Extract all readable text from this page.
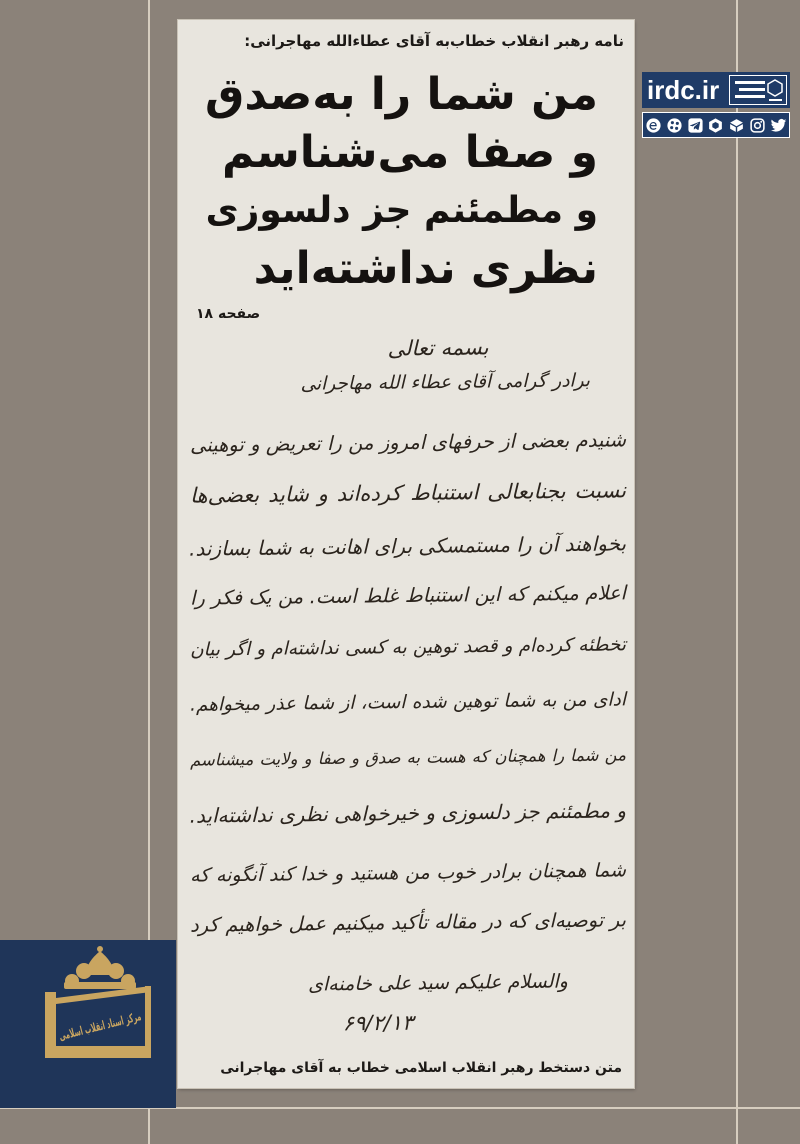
نامه رهبر انقلاب خطاب‌به آقای عطاءالله مهاجرانی:
من شما را به‌صدق
و صفا می‌شناسم
و مطمئنم جز دلسوزی
نظری نداشته‌اید
صفحه ۱۸
بسمه تعالی
برادر گرامی آقای عطاء الله مهاجرانی
شنیدم بعضی از حرفهای امروز من را تعریض و توهینی
نسبت بجنابعالی استنباط کرده‌اند و شاید بعضی‌ها
بخواهند آن را مستمسکی برای اهانت به شما بسازند.
اعلام میکنم که این استنباط غلط است. من یک فکر را
تخطئه کرده‌ام و قصد توهین به کسی نداشته‌ام و اگر بیان
ادای من به شما توهین شده است، از شما عذر میخواهم.
من شما را همچنان که هست به صدق و صفا و ولایت میشناسم
و مطمئنم جز دلسوزی و خیرخواهی نظری نداشته‌اید.
شما همچنان برادر خوب من هستید و خدا کند آنگونه که
بر توصیه‌ای که در مقاله تأکید میکنیم عمل خواهیم کرد
والسلام علیکم سید علی خامنه‌ای
۶۹/۲/۱۳
متن دستخط رهبر انقلاب اسلامی خطاب به آقای مهاجرانی
irdc.ir
مرکز اسناد انقلاب اسلامی
